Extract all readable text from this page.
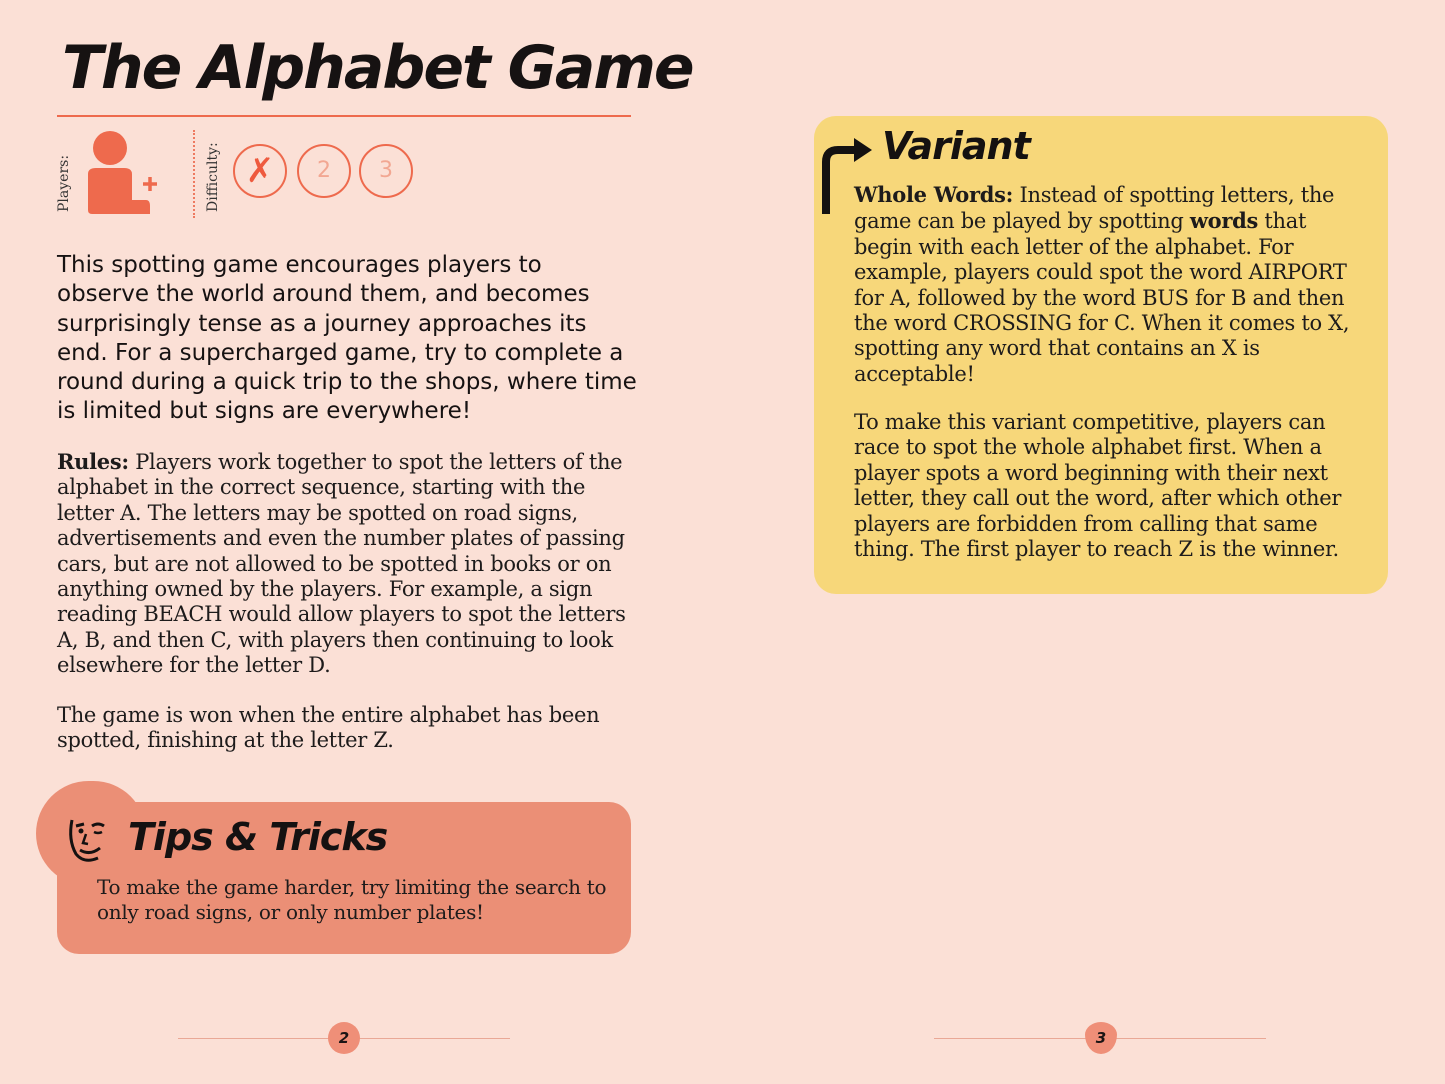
The Alphabet Game
Players:	Difficulty: ✗	2	3

This spotting game encourages players to observe the world around them, and becomes surprisingly tense as a journey approaches its end. For a supercharged game, try to complete a round during a quick trip to the shops, where time is limited but signs are everywhere!

Rules: Players work together to spot the letters of the alphabet in the correct sequence, starting with the letter A. The letters may be spotted on road signs, advertisements and even the number plates of passing cars, but are not allowed to be spotted in books or on anything owned by the players. For example, a sign reading BEACH would allow players to spot the letters A, B, and then C, with players then continuing to look elsewhere for the letter D.

The game is won when the entire alphabet has been spotted, finishing at the letter Z.

Tips & Tricks

To make the game harder, try limiting the search to only road signs, or only number plates!

Variant

Whole Words: Instead of spotting letters, the game can be played by spotting words that begin with each letter of the alphabet. For example, players could spot the word AIRPORT for A, followed by the word BUS for B and then the word CROSSING for C. When it comes to X, spotting any word that contains an X is acceptable!

To make this variant competitive, players can race to spot the whole alphabet first. When a player spots a word beginning with their next letter, they call out the word, after which other players are forbidden from calling that same thing. The first player to reach Z is the winner.

2	3
